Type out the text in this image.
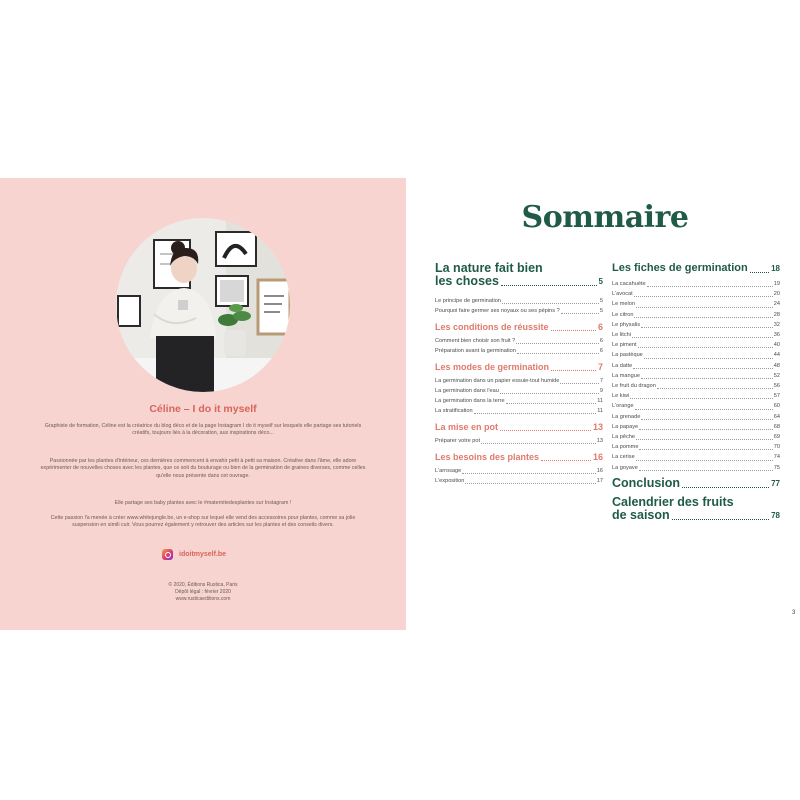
Céline – I do it myself
Graphiste de formation, Céline est la créatrice du blog déco et de la page Instagram I do it myself sur lesquels elle partage ses tutoriels créatifs, toujours liés à la décoration, aux inspirations déco...
Passionnée par les plantes d'intérieur, ces dernières commencent à envahir petit à petit sa maison. Créative dans l'âme, elle adore expérimenter de nouvelles choses avec les plantes, que ce soit du bouturage ou bien de la germination de graines diverses, comme celles qu'elle nous présente dans cet ouvrage.
Elle partage ses baby plantes avec le #maternitedesplantes sur Instagram !
Cette passion l'a menée à créer www.whitejungle.be, un e-shop sur lequel elle vend des accessoires pour plantes, comme sa jolie suspension en simili cuir. Vous pourrez également y retrouver des articles sur les plantes et des conseils divers.
idoitmyself.be
© 2020, Éditions Rustica, Paris
Dépôt légal : février 2020
www.rusticaeditions.com
Sommaire
La nature fait bien
les choses	5
Le principe de germination	5
Pourquoi faire germer ses noyaux ou ses pépins ?	5
Les conditions de réussite	6
Comment bien choisir son fruit ?	6
Préparation avant la germination	6
Les modes de germination	7
La germination dans un papier essuie-tout humide	7
La germination dans l'eau	9
La germination dans la terre	11
La stratification	11
La mise en pot	13
Préparer votre pot	13
Les besoins des plantes	16
L'arrosage	16
L'exposition	17
Les fiches de germination	18
La cacahuète	19
L'avocat	20
Le melon	24
Le citron	28
Le physalis	32
Le litchi	36
Le piment	40
La pastèque	44
La datte	48
La mangue	52
Le fruit du dragon	56
Le kiwi	57
L'orange	60
La grenade	64
La papaye	68
La pêche	69
La pomme	70
La cerise	74
La goyave	75
Conclusion	77
Calendrier des fruits
de saison	78
3
